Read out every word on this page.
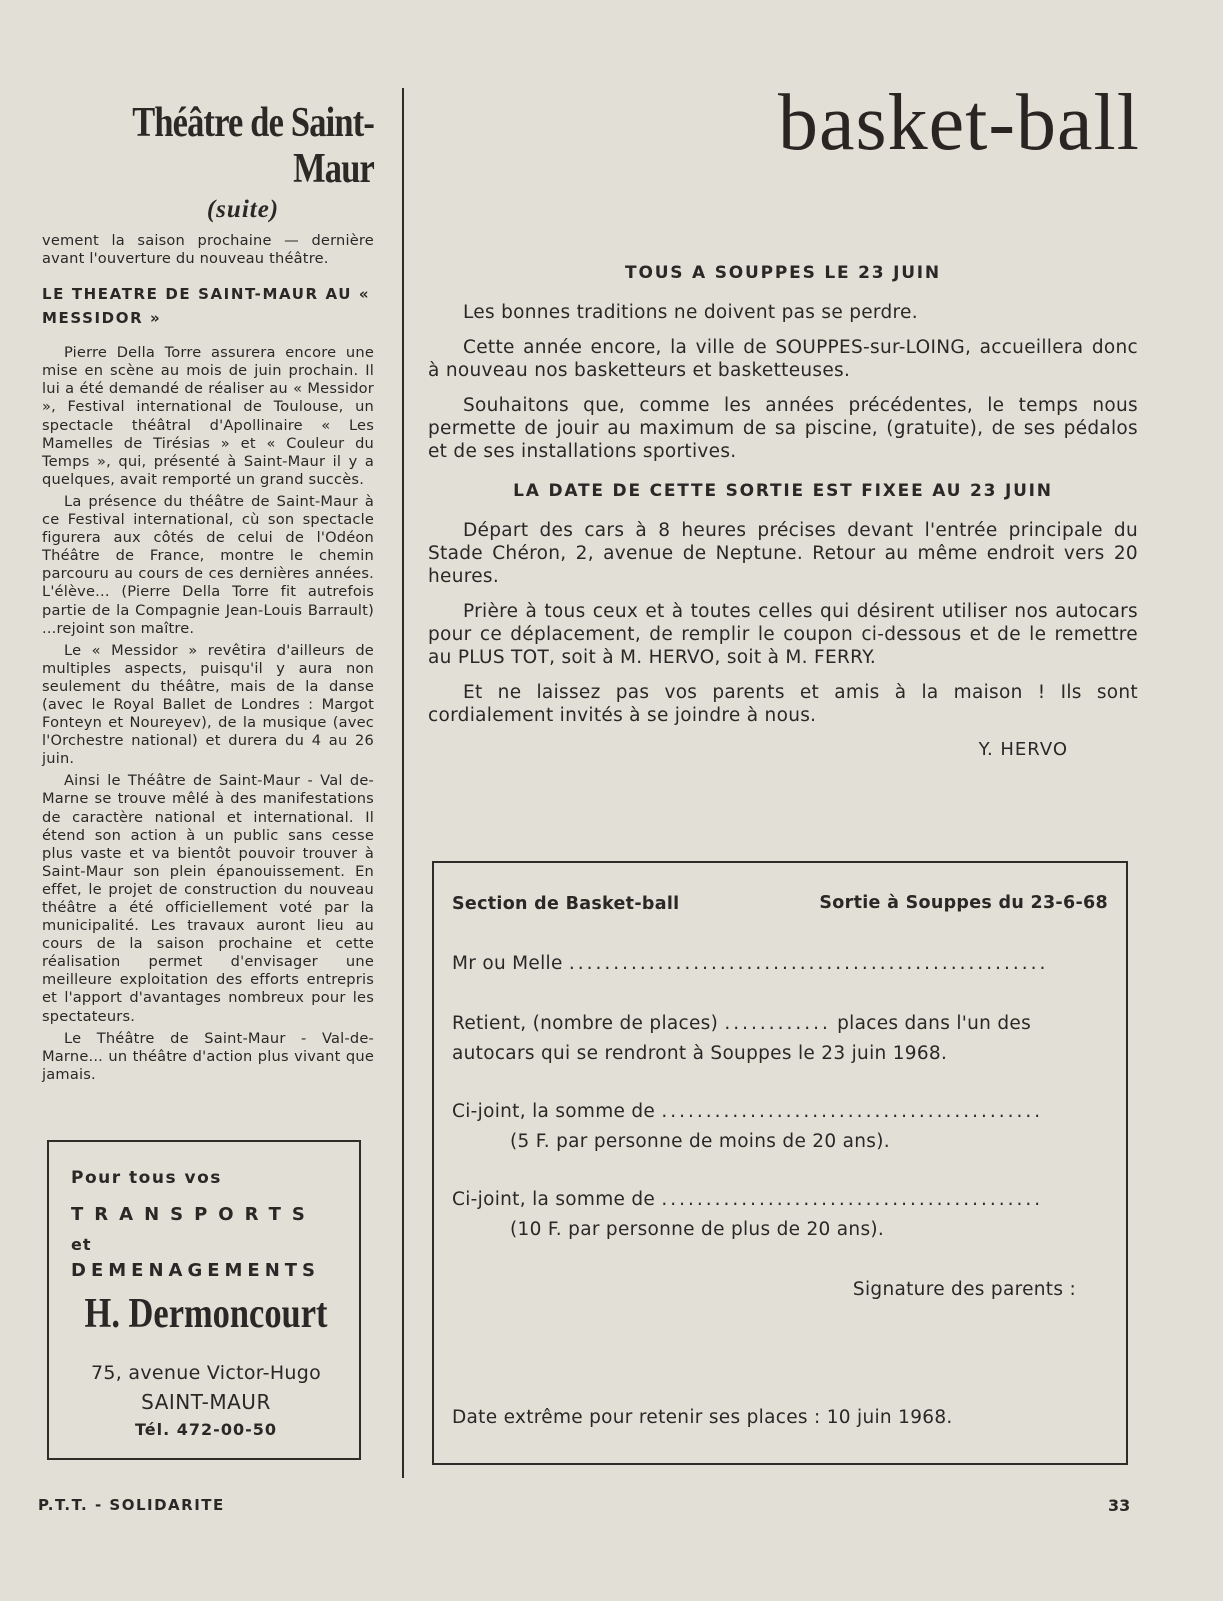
Théâtre de Saint-Maur
(suite)

vement la saison prochaine — dernière avant l'ouverture du nouveau théâtre.

LE THEATRE DE SAINT-MAUR AU « MESSIDOR »

Pierre Della Torre assurera encore une mise en scène au mois de juin prochain. Il lui a été demandé de réaliser au « Messidor », Festival international de Toulouse, un spectacle théâtral d'Apollinaire « Les Mamelles de Tirésias » et « Couleur du Temps », qui, présenté à Saint-Maur il y a quelques, avait remporté un grand succès.

La présence du théâtre de Saint-Maur à ce Festival international, cù son spectacle figurera aux côtés de celui de l'Odéon Théâtre de France, montre le chemin parcouru au cours de ces dernières années. L'élève... (Pierre Della Torre fit autrefois partie de la Compagnie Jean-Louis Barrault) ...rejoint son maître.

Le « Messidor » revêtira d'ailleurs de multiples aspects, puisqu'il y aura non seulement du théâtre, mais de la danse (avec le Royal Ballet de Londres : Margot Fonteyn et Noureyev), de la musique (avec l'Orchestre national) et durera du 4 au 26 juin.

Ainsi le Théâtre de Saint-Maur - Val de-Marne se trouve mêlé à des manifestations de caractère national et international. Il étend son action à un public sans cesse plus vaste et va bientôt pouvoir trouver à Saint-Maur son plein épanouissement. En effet, le projet de construction du nouveau théâtre a été officiellement voté par la municipalité. Les travaux auront lieu au cours de la saison prochaine et cette réalisation permet d'envisager une meilleure exploitation des efforts entrepris et l'apport d'avantages nombreux pour les spectateurs.

Le Théâtre de Saint-Maur - Val-de-Marne... un théâtre d'action plus vivant que jamais.

Pour tous vos
TRANSPORTS
et
DEMENAGEMENTS
H. Dermoncourt
75, avenue Victor-Hugo
SAINT-MAUR
Tél. 472-00-50
basket-ball
TOUS A SOUPPES LE 23 JUIN

Les bonnes traditions ne doivent pas se perdre.

Cette année encore, la ville de SOUPPES-sur-LOING, accueillera donc à nouveau nos basketteurs et basketteuses.

Souhaitons que, comme les années précédentes, le temps nous permette de jouir au maximum de sa piscine, (gratuite), de ses pédalos et de ses installations sportives.

LA DATE DE CETTE SORTIE EST FIXEE AU 23 JUIN

Départ des cars à 8 heures précises devant l'entrée principale du Stade Chéron, 2, avenue de Neptune. Retour au même endroit vers 20 heures.

Prière à tous ceux et à toutes celles qui désirent utiliser nos autocars pour ce déplacement, de remplir le coupon ci-dessous et de le remettre au PLUS TOT, soit à M. HERVO, soit à M. FERRY.

Et ne laissez pas vos parents et amis à la maison ! Ils sont cordialement invités à se joindre à nous.

Y. HERVO
Section de Basket-ball	Sortie à Souppes du 23-6-68
Mr ou Melle ......................................................
Retient, (nombre de places) ............ places dans l'un des
autocars qui se rendront à Souppes le 23 juin 1968.
Ci-joint, la somme de ...........................................
(5 F. par personne de moins de 20 ans).
Ci-joint, la somme de ...........................................
(10 F. par personne de plus de 20 ans).
Signature des parents :
Date extrême pour retenir ses places : 10 juin 1968.
P.T.T. - SOLIDARITE	33
